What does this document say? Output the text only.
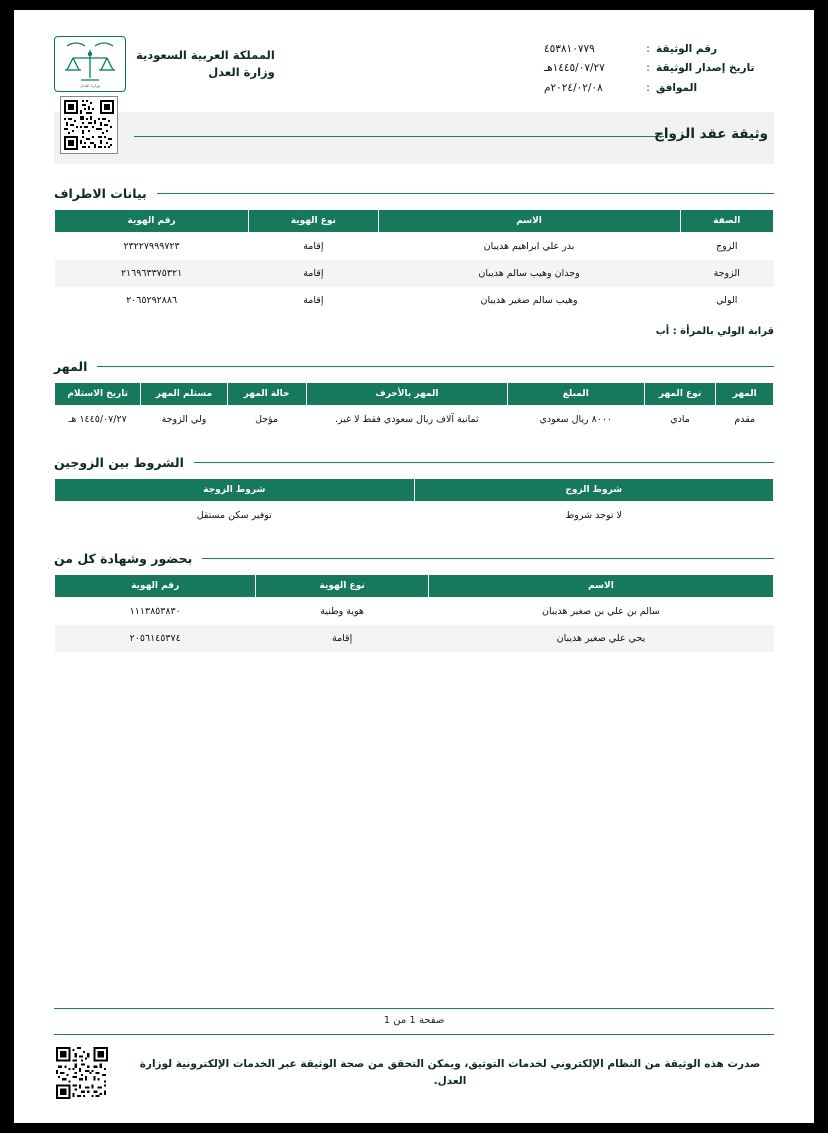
رقم الوثيقة
:
٤٥٣٨١٠٧٧٩
تاريخ إصدار الوثيقة
:
١٤٤٥/٠٧/٢٧هـ
الموافق
:
٢٠٢٤/٠٢/٠٨م
وزارة العدل
المملكة العربية السعودية
وزارة العدل
وثيقة عقد الزواج
بيانات الاطراف
الصفة	الاسم	نوع الهوية	رقم الهوية
الزوج	بدر علي ابراهيم هديبان	إقامة	٢٣٢٢٧٩٩٩٧٢٣
الزوجة	وجدان وهيب سالم هديبان	إقامة	٢١٦٩٦٣٣٧٥٣٢١
الولي	وهيب سالم صغير هديبان	إقامة	٢٠٦٥٢٩٢٨٨٦
قرابة الولي بالمرأة : أب
المهر
المهر	نوع المهر	المبلغ	المهر بالأحرف	حالة المهر	مستلم المهر	تاريخ الاستلام
مقدم	مادي	٨٠٠٠ ريال سعودي	ثمانية آلاف ريال سعودي فقط لا غير.	مؤجل	ولي الزوجة	١٤٤٥/٠٧/٢٧ هـ
الشروط بين الزوجين
شروط الزوج	شروط الزوجة
لا توجد شروط	توفير سكن مستقل
بحضور وشهادة كل من
الاسم	نوع الهوية	رقم الهوية
سالم بن علي بن صغير هديبان	هوية وطنية	١١١٣٨٥٣٨٣٠
يحي علي صغير هديبان	إقامة	٢٠٥٦١٤٥٣٧٤
صفحة 1 من 1
صدرت هذه الوثيقة من النظام الإلكتروني لخدمات التوثيق، ويمكن التحقق من صحة الوثيقة عبر الخدمات الإلكترونية لوزارة العدل.
